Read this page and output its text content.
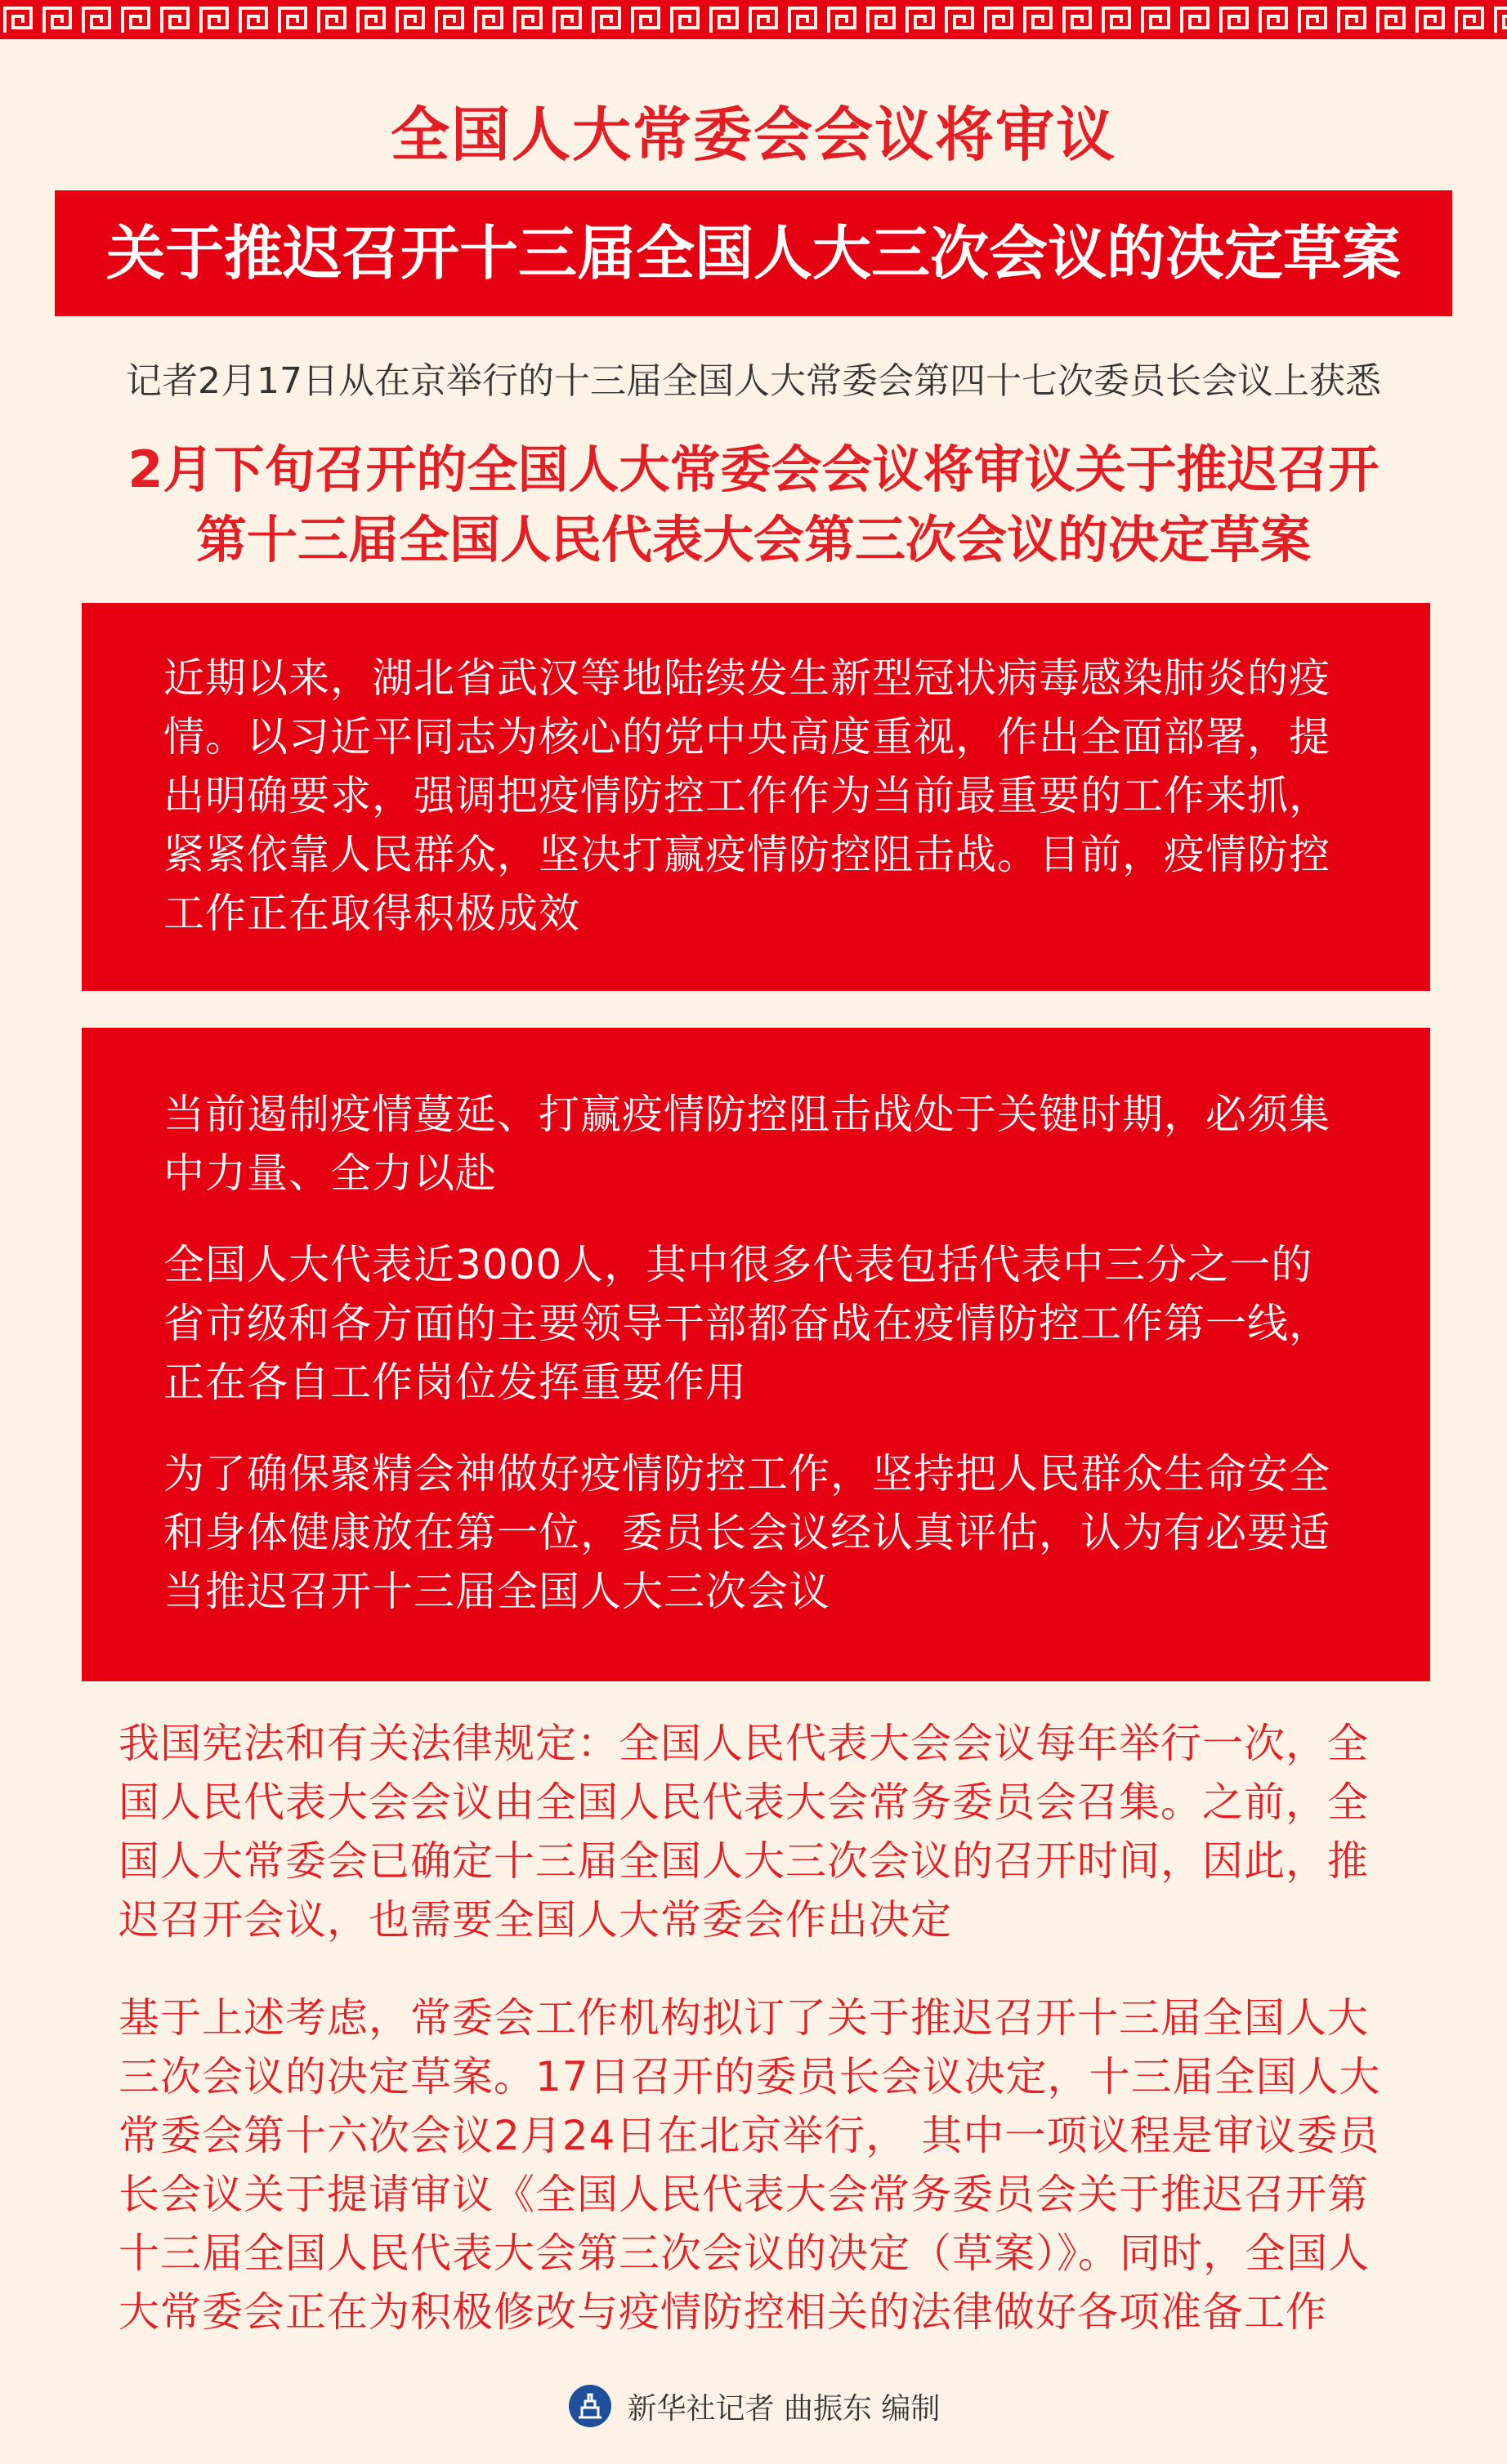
全国人大常委会会议将审议
关于推迟召开十三届全国人大三次会议的决定草案
记者2月17日从在京举行的十三届全国人大常委会第四十七次委员长会议上获悉
2月下旬召开的全国人大常委会会议将审议关于推迟召开
第十三届全国人民代表大会第三次会议的决定草案

近期以来，湖北省武汉等地陆续发生新型冠状病毒感染肺炎的疫情。以习近平同志为核心的党中央高度重视，作出全面部署，提出明确要求，强调把疫情防控工作作为当前最重要的工作来抓，紧紧依靠人民群众，坚决打赢疫情防控阻击战。目前，疫情防控工作正在取得积极成效

当前遏制疫情蔓延、打赢疫情防控阻击战处于关键时期，必须集中力量、全力以赴

全国人大代表近3000人，其中很多代表包括代表中三分之一的省市级和各方面的主要领导干部都奋战在疫情防控工作第一线，正在各自工作岗位发挥重要作用

为了确保聚精会神做好疫情防控工作，坚持把人民群众生命安全和身体健康放在第一位，委员长会议经认真评估，认为有必要适当推迟召开十三届全国人大三次会议

我国宪法和有关法律规定：全国人民代表大会会议每年举行一次，全国人民代表大会会议由全国人民代表大会常务委员会召集。之前，全国人大常委会已确定十三届全国人大三次会议的召开时间，因此，推迟召开会议，也需要全国人大常委会作出决定

基于上述考虑，常委会工作机构拟订了关于推迟召开十三届全国人大三次会议的决定草案。17日召开的委员长会议决定，十三届全国人大常委会第十六次会议2月24日在北京举行， 其中一项议程是审议委员长会议关于提请审议《全国人民代表大会常务委员会关于推迟召开第十三届全国人民代表大会第三次会议的决定（草案）》。同时，全国人大常委会正在为积极修改与疫情防控相关的法律做好各项准备工作

新华社记者 曲振东 编制
